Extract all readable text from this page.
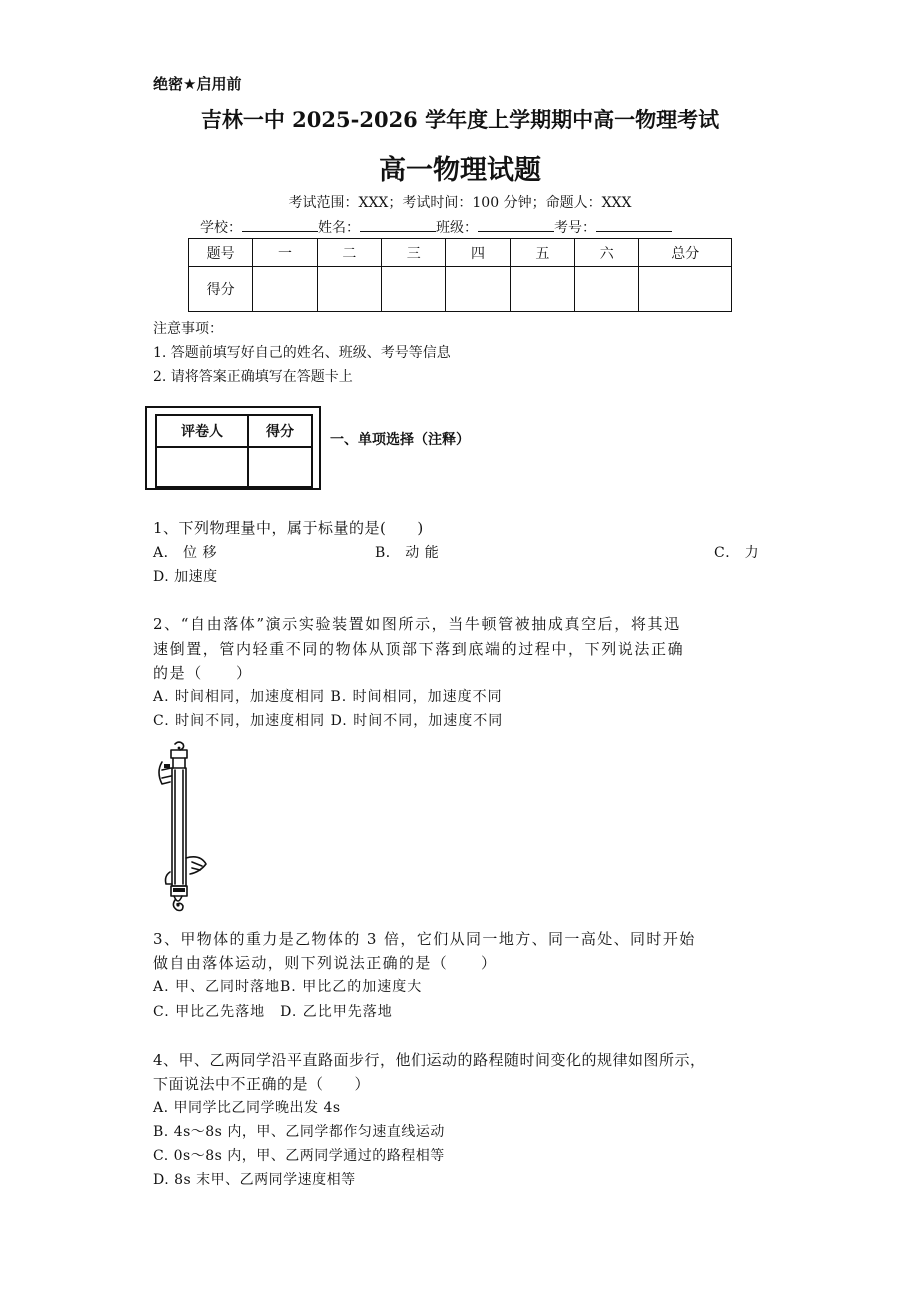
绝密★启用前
吉林一中 2025-2026 学年度上学期期中高一物理考试
高一物理试题
考试范围：XXX；考试时间：100 分钟；命题人：XXX
学校：	姓名：	班级：	考号：
题号	一	二	三	四	五	六	总分
得分							
注意事项：
1. 答题前填写好自己的姓名、班级、考号等信息
2. 请将答案正确填写在答题卡上
评卷人	得分
		一、单项选择（注释）
1、下列物理量中，属于标量的是(　　)
A． 位 移	B． 动 能	C． 力
D. 加速度
2、“自由落体”演示实验装置如图所示，当牛顿管被抽成真空后，将其迅
速倒置，管内轻重不同的物体从顶部下落到底端的过程中，下列说法正确
的是（　　）
A. 时间相同，加速度相同 B. 时间相同，加速度不同
C. 时间不同，加速度相同 D. 时间不同，加速度不同
3、甲物体的重力是乙物体的 3 倍，它们从同一地方、同一高处、同时开始
做自由落体运动，则下列说法正确的是（　　）
A. 甲、乙同时落地B. 甲比乙的加速度大
C. 甲比乙先落地　D. 乙比甲先落地
4、甲、乙两同学沿平直路面步行，他们运动的路程随时间变化的规律如图所示，
下面说法中不正确的是（　　）
A. 甲同学比乙同学晚出发 4s
B. 4s～8s 内，甲、乙同学都作匀速直线运动
C. 0s～8s 内，甲、乙两同学通过的路程相等
D. 8s 末甲、乙两同学速度相等
